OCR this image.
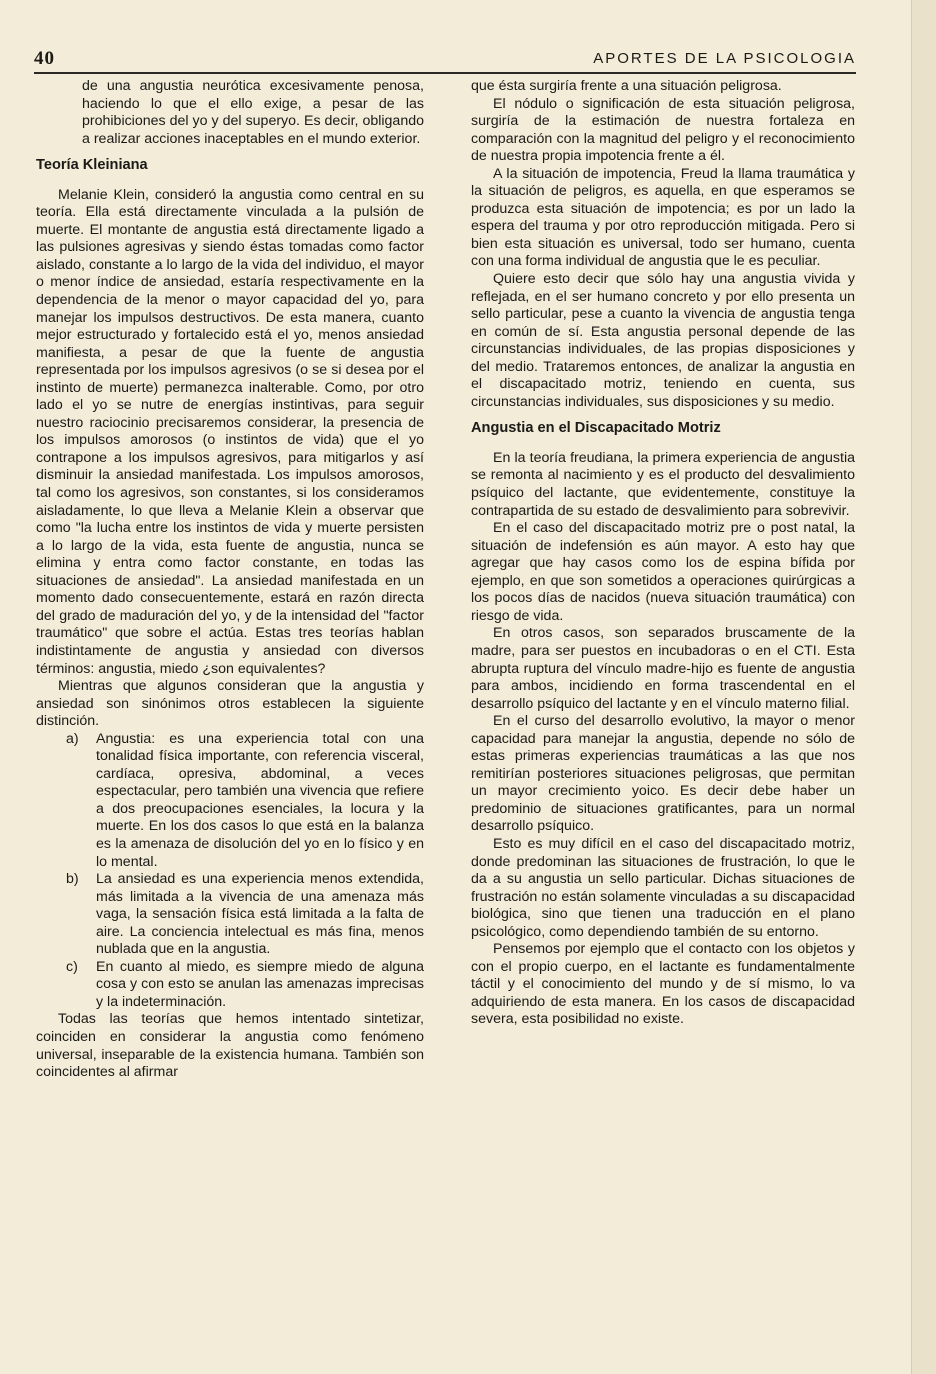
40	APORTES DE LA PSICOLOGIA

de una angustia neurótica excesivamente penosa, haciendo lo que el ello exige, a pesar de las prohibiciones del yo y del superyo. Es decir, obligando a realizar acciones inaceptables en el mundo exterior.

Teoría Kleiniana

Melanie Klein, consideró la angustia como central en su teoría. Ella está directamente vinculada a la pulsión de muerte. El montante de angustia está directamente ligado a las pulsiones agresivas y siendo éstas tomadas como factor aislado, constante a lo largo de la vida del individuo, el mayor o menor índice de ansiedad, estaría respectivamente en la dependencia de la menor o mayor capacidad del yo, para manejar los impulsos destructivos. De esta manera, cuanto mejor estructurado y fortalecido está el yo, menos ansiedad manifiesta, a pesar de que la fuente de angustia representada por los impulsos agresivos (o se si desea por el instinto de muerte) permanezca inalterable. Como, por otro lado el yo se nutre de energías instintivas, para seguir nuestro raciocinio precisaremos considerar, la presencia de los impulsos amorosos (o instintos de vida) que el yo contrapone a los impulsos agresivos, para mitigarlos y así disminuir la ansiedad manifestada. Los impulsos amorosos, tal como los agresivos, son constantes, si los consideramos aisladamente, lo que lleva a Melanie Klein a observar que como "la lucha entre los instintos de vida y muerte persisten a lo largo de la vida, esta fuente de angustia, nunca se elimina y entra como factor constante, en todas las situaciones de ansiedad". La ansiedad manifestada en un momento dado consecuentemente, estará en razón directa del grado de maduración del yo, y de la intensidad del "factor traumático" que sobre el actúa. Estas tres teorías hablan indistintamente de angustia y ansiedad con diversos términos: angustia, miedo ¿son equivalentes?

Mientras que algunos consideran que la angustia y ansiedad son sinónimos otros establecen la siguiente distinción.

a)	Angustia: es una experiencia total con una tonalidad física importante, con referencia visceral, cardíaca, opresiva, abdominal, a veces espectacular, pero también una vivencia que refiere a dos preocupaciones esenciales, la locura y la muerte. En los dos casos lo que está en la balanza es la amenaza de disolución del yo en lo físico y en lo mental.
b)	La ansiedad es una experiencia menos extendida, más limitada a la vivencia de una amenaza más vaga, la sensación física está limitada a la falta de aire. La conciencia intelectual es más fina, menos nublada que en la angustia.
c)	En cuanto al miedo, es siempre miedo de alguna cosa y con esto se anulan las amenazas imprecisas y la indeterminación.

Todas las teorías que hemos intentado sintetizar, coinciden en considerar la angustia como fenómeno universal, inseparable de la existencia humana. También son coincidentes al afirmar

que ésta surgiría frente a una situación peligrosa.

El nódulo o significación de esta situación peligrosa, surgiría de la estimación de nuestra fortaleza en comparación con la magnitud del peligro y el reconocimiento de nuestra propia impotencia frente a él.

A la situación de impotencia, Freud la llama traumática y la situación de peligros, es aquella, en que esperamos se produzca esta situación de impotencia; es por un lado la espera del trauma y por otro reproducción mitigada. Pero si bien esta situación es universal, todo ser humano, cuenta con una forma individual de angustia que le es peculiar.

Quiere esto decir que sólo hay una angustia vivida y reflejada, en el ser humano concreto y por ello presenta un sello particular, pese a cuanto la vivencia de angustia tenga en común de sí. Esta angustia personal depende de las circunstancias individuales, de las propias disposiciones y del medio. Trataremos entonces, de analizar la angustia en el discapacitado motriz, teniendo en cuenta, sus circunstancias individuales, sus disposiciones y su medio.

Angustia en el Discapacitado Motriz

En la teoría freudiana, la primera experiencia de angustia se remonta al nacimiento y es el producto del desvalimiento psíquico del lactante, que evidentemente, constituye la contrapartida de su estado de desvalimiento para sobrevivir.

En el caso del discapacitado motriz pre o post natal, la situación de indefensión es aún mayor. A esto hay que agregar que hay casos como los de espina bífida por ejemplo, en que son sometidos a operaciones quirúrgicas a los pocos días de nacidos (nueva situación traumática) con riesgo de vida.

En otros casos, son separados bruscamente de la madre, para ser puestos en incubadoras o en el CTI. Esta abrupta ruptura del vínculo madre-hijo es fuente de angustia para ambos, incidiendo en forma trascendental en el desarrollo psíquico del lactante y en el vínculo materno filial.

En el curso del desarrollo evolutivo, la mayor o menor capacidad para manejar la angustia, depende no sólo de estas primeras experiencias traumáticas a las que nos remitirían posteriores situaciones peligrosas, que permitan un mayor crecimiento yoico. Es decir debe haber un predominio de situaciones gratificantes, para un normal desarrollo psíquico.

Esto es muy difícil en el caso del discapacitado motriz, donde predominan las situaciones de frustración, lo que le da a su angustia un sello particular. Dichas situaciones de frustración no están solamente vinculadas a su discapacidad biológica, sino que tienen una traducción en el plano psicológico, como dependiendo también de su entorno.

Pensemos por ejemplo que el contacto con los objetos y con el propio cuerpo, en el lactante es fundamentalmente táctil y el conocimiento del mundo y de sí mismo, lo va adquiriendo de esta manera. En los casos de discapacidad severa, esta posibilidad no existe.
